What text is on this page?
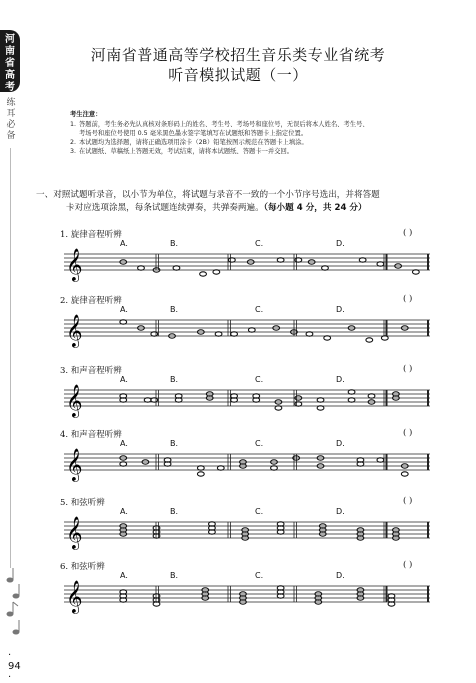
河南省高考
练耳必备
· 94 ·
河南省普通高等学校招生音乐类专业省统考
听音模拟试题（一）
考生注意：
1. 答题前，考生务必先认真核对条形码上的姓名、考生号、考场号和座位号，无误后将本人姓名、考生号、
考场号和座位号使用 0.5 毫米黑色墨水签字笔填写在试题纸和答题卡上指定位置。
2. 本试题均为选择题，请将正确选项用涂卡（2B）铅笔按图示规范在答题卡上填涂。
3. 在试题纸、草稿纸上答题无效，考试结束，请将本试题纸、答题卡一并交回。
一、对照试题听录音，以小节为单位，将试题与录音不一致的一个小节序号选出，并将答题
卡对应选项涂黑，每条试题连续弹奏，共弹奏两遍。（每小题 4 分，共 24 分）
1. 旋律音程听辨	( )
A.	B.	C.	D.
𝄞
2. 旋律音程听辨	( )
A.	B.	C.	D.
𝄞
3. 和声音程听辨	( )
A.	B.	C.	D.
𝄞
4. 和声音程听辨	( )
A.	B.	C.	D.
𝄞
5. 和弦听辨	( )
A.	B.	C.	D.
𝄞
6. 和弦听辨	( )
A.	B.	C.	D.
𝄞
